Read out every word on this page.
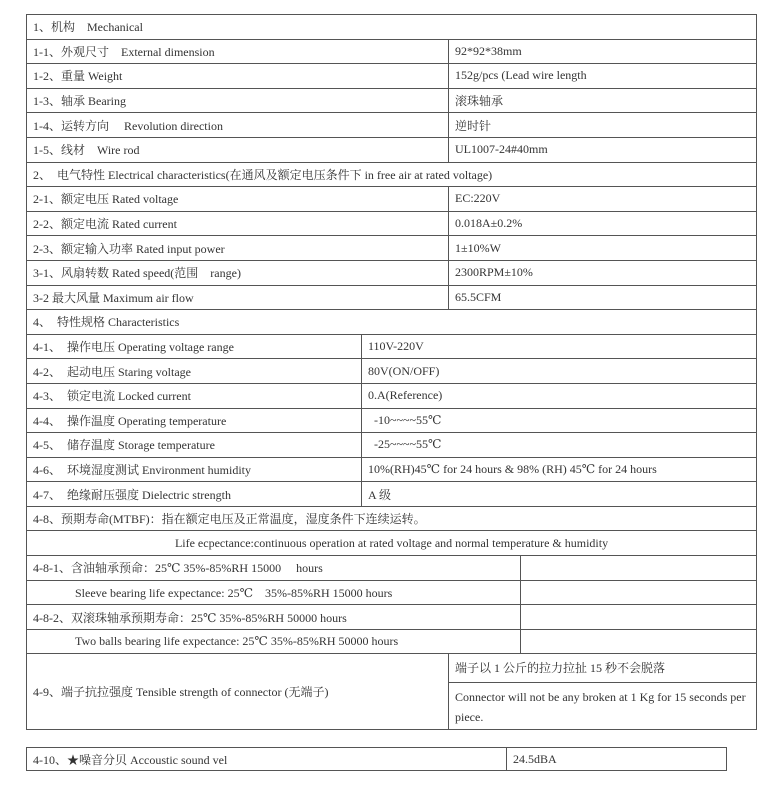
1、机构　Mechanical			
1-1、外观尺寸　External dimension		92*92*38mm	
1-2、重量 Weight		152g/pcs (Lead wire length	
1-3、轴承 Bearing		滚珠轴承	
1-4、运转方向　 Revolution direction		逆时针	
1-5、线材　Wire rod		UL1007-24#40mm	
2、　电气特性 Electrical characteristics(在通风及额定电压条件下 in free air at rated voltage)			
2-1、额定电压 Rated voltage		EC:220V	
2-2、额定电流 Rated current		0.018A±0.2%	
2-3、额定输入功率 Rated input power		1±10%W	
3-1、风扇转数 Rated speed(范围　range)		2300RPM±10%	
3-2 最大风量 Maximum air flow		65.5CFM	
4、　特性规格 Characteristics			
4-1、　操作电压 Operating voltage range	110V-220V		
4-2、　起动电压 Staring voltage	80V(ON/OFF)		
4-3、　锁定电流 Locked current	0.A(Reference)		
4-4、　操作温度 Operating temperature	-10~~~~55℃		
4-5、　储存温度 Storage temperature	-25~~~~55℃		
4-6、　环境湿度测试 Environment humidity	10%(RH)45℃ for 24 hours & 98% (RH) 45℃ for 24 hours		
4-7、　绝缘耐压强度 Dielectric strength	A 级		
4-8、预期寿命(MTBF)：指在额定电压及正常温度，湿度条件下连续运转。			
Life ecpectance:continuous operation at rated voltage and normal temperature & humidity			
4-8-1、含油轴承预命：25℃ 35%-85%RH 15000　 hours			
Sleeve bearing life expectance: 25℃　35%-85%RH 15000 hours			
4-8-2、双滚珠轴承预期寿命：25℃ 35%-85%RH 50000 hours			
Two balls bearing life expectance: 25℃ 35%-85%RH 50000 hours			
4-9、端子抗拉强度 Tensible strength of connector (无端子)		端子以 1 公斤的拉力拉扯 15 秒不会脱落
Connector will not be any broken at 1 Kg for 15 seconds per piece.	
4-10、★噪音分贝 Accoustic sound vel	24.5dBA
